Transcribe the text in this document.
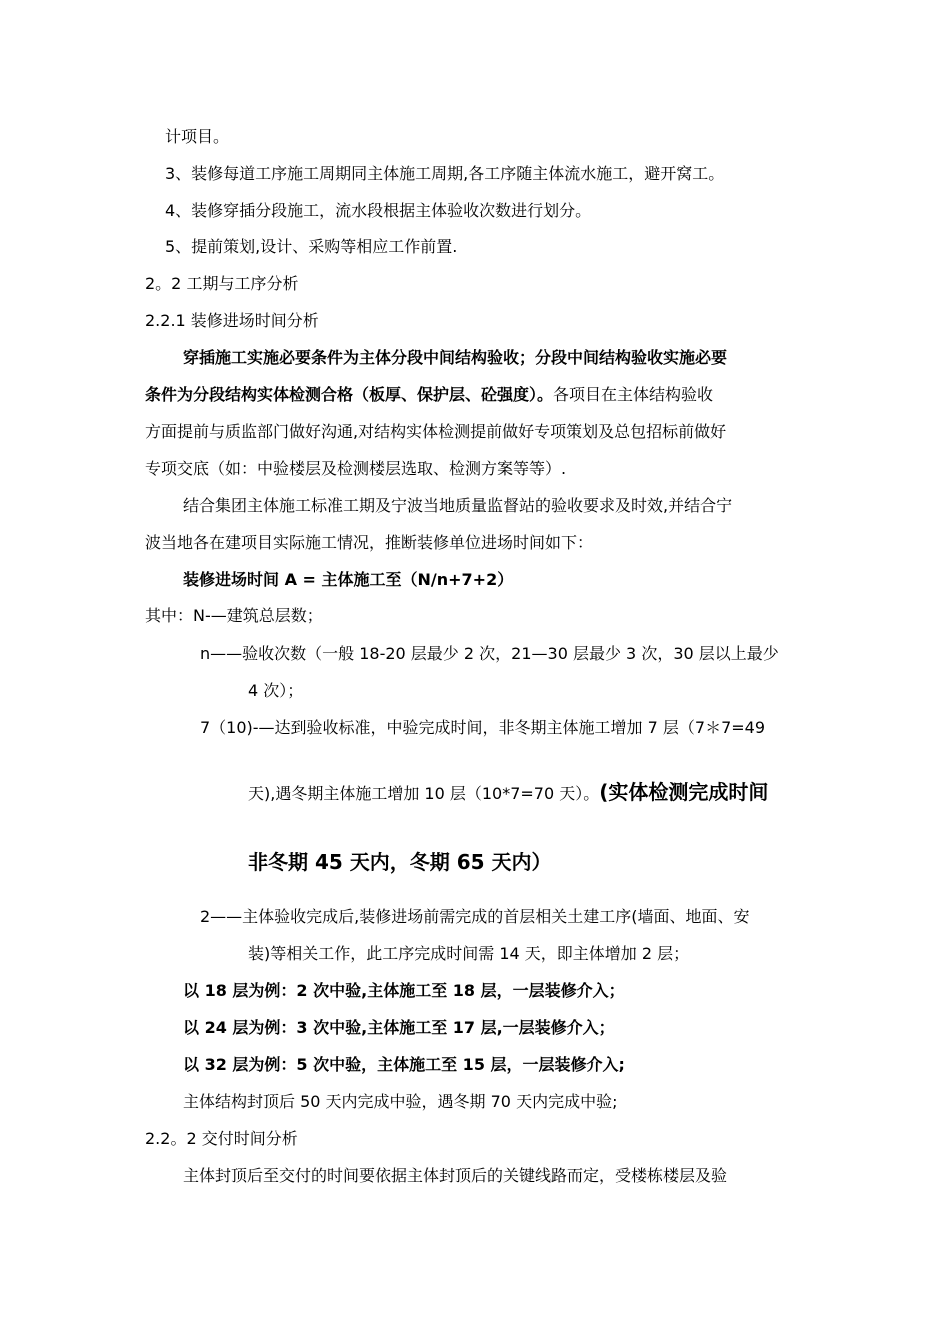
计项目。
3、装修每道工序施工周期同主体施工周期,各工序随主体流水施工，避开窝工。
4、装修穿插分段施工，流水段根据主体验收次数进行划分。
5、提前策划,设计、采购等相应工作前置.
2。2 工期与工序分析
2.2.1 装修进场时间分析
穿插施工实施必要条件为主体分段中间结构验收；分段中间结构验收实施必要
条件为分段结构实体检测合格（板厚、保护层、砼强度）。各项目在主体结构验收
方面提前与质监部门做好沟通,对结构实体检测提前做好专项策划及总包招标前做好
专项交底（如：中验楼层及检测楼层选取、检测方案等等）.
结合集团主体施工标准工期及宁波当地质量监督站的验收要求及时效,并结合宁
波当地各在建项目实际施工情况，推断装修单位进场时间如下：
装修进场时间 A = 主体施工至（N/n+7+2）
其中：N-—建筑总层数；
n——验收次数（一般 18-20 层最少 2 次，21—30 层最少 3 次，30 层以上最少
4 次）；
7（10)-—达到验收标准，中验完成时间，非冬期主体施工增加 7 层（7＊7=49
天),遇冬期主体施工增加 10 层（10*7=70 天）。(实体检测完成时间
非冬期 45 天内，冬期 65 天内）
2——主体验收完成后,装修进场前需完成的首层相关土建工序(墙面、地面、安
装)等相关工作，此工序完成时间需 14 天，即主体增加 2 层；
以 18 层为例：2 次中验,主体施工至 18 层，一层装修介入；
以 24 层为例：3 次中验,主体施工至 17 层,一层装修介入；
以 32 层为例：5 次中验，主体施工至 15 层，一层装修介入;
主体结构封顶后 50 天内完成中验，遇冬期 70 天内完成中验;
2.2。2 交付时间分析
主体封顶后至交付的时间要依据主体封顶后的关键线路而定，受楼栋楼层及验
